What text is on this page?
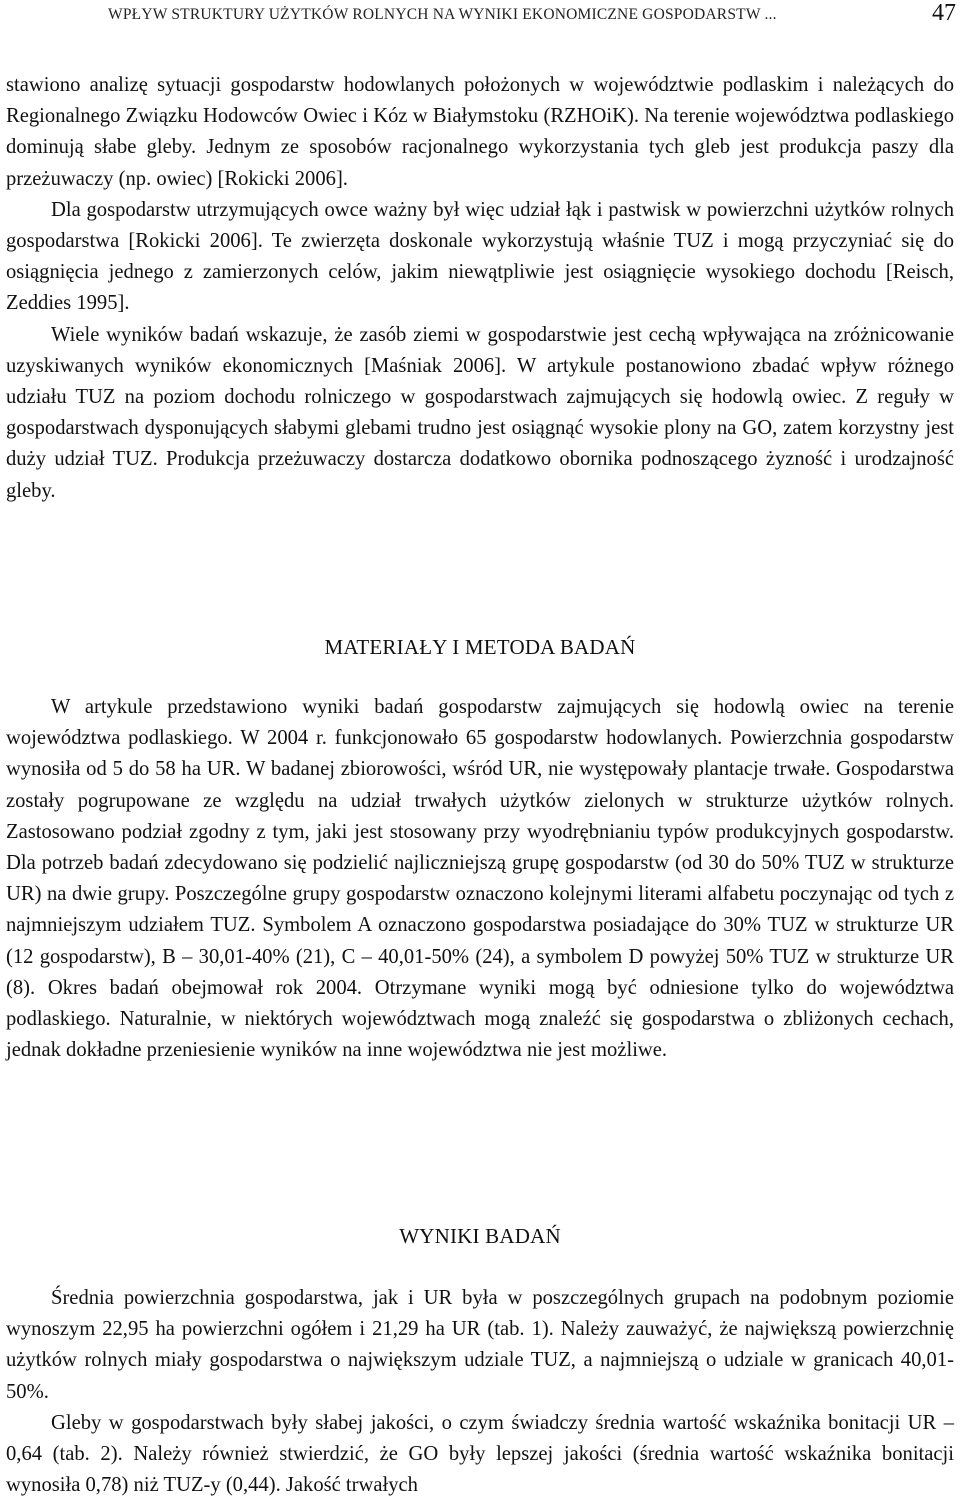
WPŁYW STRUKTURY UŻYTKÓW ROLNYCH NA WYNIKI EKONOMICZNE GOSPODARSTW ...	47

stawiono analizę sytuacji gospodarstw hodowlanych położonych w województwie podlaskim i należących do Regionalnego Związku Hodowców Owiec i Kóz w Białymstoku (RZHOiK). Na terenie województwa podlaskiego dominują słabe gleby. Jednym ze sposobów racjonalnego wykorzystania tych gleb jest produkcja paszy dla przeżuwaczy (np. owiec) [Rokicki 2006].

Dla gospodarstw utrzymujących owce ważny był więc udział łąk i pastwisk w powierzchni użytków rolnych gospodarstwa [Rokicki 2006]. Te zwierzęta doskonale wykorzystują właśnie TUZ i mogą przyczyniać się do osiągnięcia jednego z zamierzonych celów, jakim niewątpliwie jest osiągnięcie wysokiego dochodu [Reisch, Zeddies 1995].

Wiele wyników badań wskazuje, że zasób ziemi w gospodarstwie jest cechą wpływająca na zróżnicowanie uzyskiwanych wyników ekonomicznych [Maśniak 2006]. W artykule postanowiono zbadać wpływ różnego udziału TUZ na poziom dochodu rolniczego w gospodarstwach zajmujących się hodowlą owiec. Z reguły w gospodarstwach dysponujących słabymi glebami trudno jest osiągnąć wysokie plony na GO, zatem korzystny jest duży udział TUZ. Produkcja przeżuwaczy dostarcza dodatkowo obornika podnoszącego żyzność i urodzajność gleby.

MATERIAŁY I METODA BADAŃ

W artykule przedstawiono wyniki badań gospodarstw zajmujących się hodowlą owiec na terenie województwa podlaskiego. W 2004 r. funkcjonowało 65 gospodarstw hodowlanych. Powierzchnia gospodarstw wynosiła od 5 do 58 ha UR. W badanej zbiorowości, wśród UR, nie występowały plantacje trwałe. Gospodarstwa zostały pogrupowane ze względu na udział trwałych użytków zielonych w strukturze użytków rolnych. Zastosowano podział zgodny z tym, jaki jest stosowany przy wyodrębnianiu typów produkcyjnych gospodarstw. Dla potrzeb badań zdecydowano się podzielić najliczniejszą grupę gospodarstw (od 30 do 50% TUZ w strukturze UR) na dwie grupy. Poszczególne grupy gospodarstw oznaczono kolejnymi literami alfabetu poczynając od tych z najmniejszym udziałem TUZ. Symbolem A oznaczono gospodarstwa posiadające do 30% TUZ w strukturze UR (12 gospodarstw), B – 30,01-40% (21), C – 40,01-50% (24), a symbolem D powyżej 50% TUZ w strukturze UR (8). Okres badań obejmował rok 2004. Otrzymane wyniki mogą być odniesione tylko do województwa podlaskiego. Naturalnie, w niektórych województwach mogą znaleźć się gospodarstwa o zbliżonych cechach, jednak dokładne przeniesienie wyników na inne województwa nie jest możliwe.

WYNIKI BADAŃ

Średnia powierzchnia gospodarstwa, jak i UR była w poszczególnych grupach na podobnym poziomie wynoszym 22,95 ha powierzchni ogółem i 21,29 ha UR (tab. 1). Należy zauważyć, że największą powierzchnię użytków rolnych miały gospodarstwa o największym udziale TUZ, a najmniejszą o udziale w granicach 40,01-50%.

Gleby w gospodarstwach były słabej jakości, o czym świadczy średnia wartość wskaźnika bonitacji UR – 0,64 (tab. 2). Należy również stwierdzić, że GO były lepszej jakości (średnia wartość wskaźnika bonitacji wynosiła 0,78) niż TUZ-y (0,44). Jakość trwałych
